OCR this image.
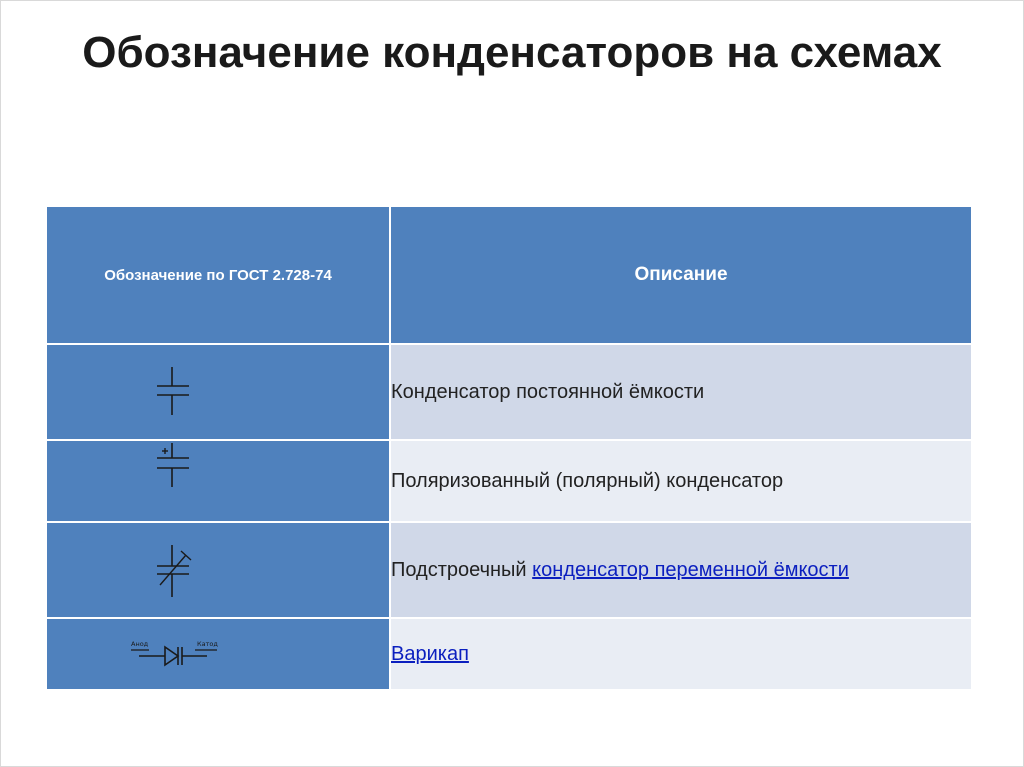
Обозначение конденсаторов на схемах
Обозначение по ГОСТ 2.728-74	Описание

	Конденсатор постоянной ёмкости

	Поляризованный (полярный) конденсатор

	Подстроечный конденсатор переменной ёмкости

Анод Катод	Варикап
